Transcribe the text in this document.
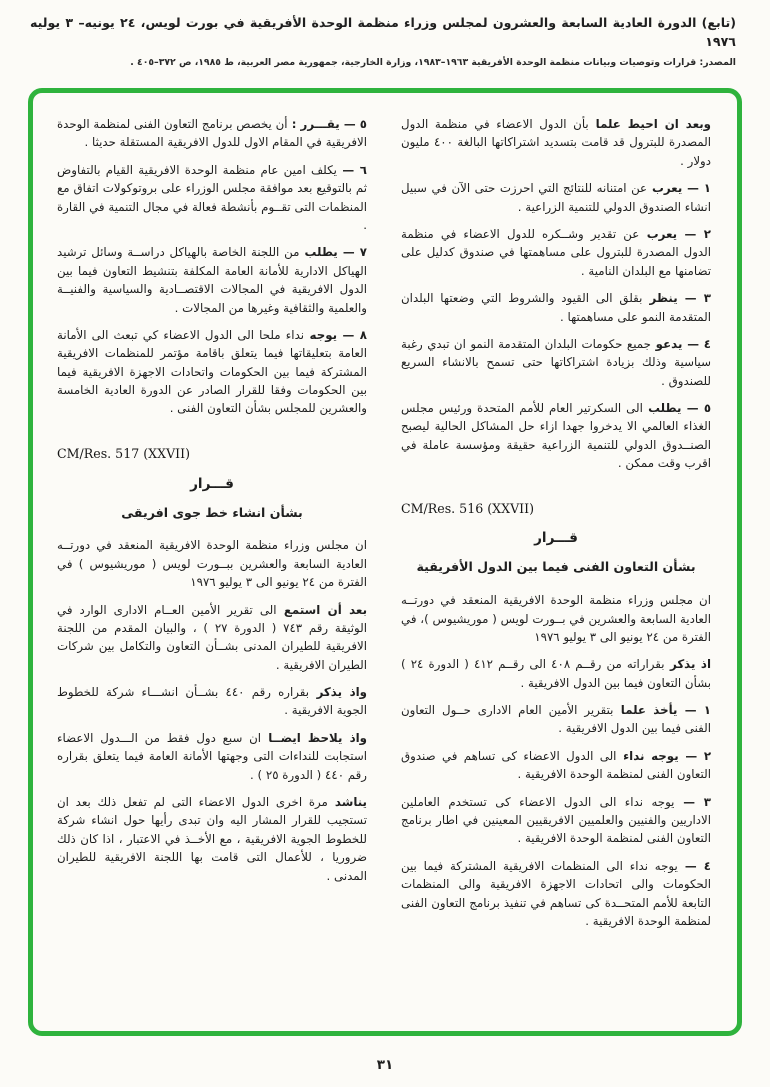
(تابع) الدورة العادية السابعة والعشرون لمجلس وزراء منظمة الوحدة الأفريقية في بورت لويس، ٢٤ يونيه– ٣ يوليه ١٩٧٦
المصدر: قرارات وتوصيات وبيانات منظمة الوحدة الأفريقية ١٩٦٣–١٩٨٣، وزارة الخارجية، جمهورية مصر العربية، ط ١٩٨٥، ص ٣٧٢–٤٠٥ .
وبعد ان احيط علما بأن الدول الاعضاء في منظمة الدول المصدرة للبترول قد قامت بتسديد اشتراكاتها البالغة ٤٠٠ مليون دولار .
١ — يعرب عن امتنانه للنتائج التي احرزت حتى الآن في سبيل انشاء الصندوق الدولي للتنمية الزراعية .
٢ — يعرب عن تقدير وشــكره للدول الاعضاء في منظمة الدول المصدرة للبترول على مساهمتها في صندوق كدليل على تضامنها مع البلدان النامية .
٣ — ينظر بقلق الى القيود والشروط التي وضعتها البلدان المتقدمة النمو على مساهمتها .
٤ — يدعو جميع حكومات البلدان المتقدمة النمو ان تبدي رغبة سياسية وذلك بزيادة اشتراكاتها حتى تسمح بالانشاء السريع للصندوق .
٥ — يطلب الى السكرتير العام للأمم المتحدة ورئيس مجلس الغذاء العالمي الا يدخروا جهدا ازاء حل المشاكل الحالية ليصبح الصنــدوق الدولي للتنمية الزراعية حقيقة ومؤسسة عاملة في اقرب وقت ممكن .
CM/Res. 516 (XXVII)
قـــرار
بشأن التعاون الفنى فيما بين الدول الأفريقية
ان مجلس وزراء منظمة الوحدة الافريقية المنعقد في دورتــه العادية السابعة والعشرين في بــورت لويس ( موريشيوس )، في الفترة من ٢٤ يونيو الى ٣ يوليو ١٩٧٦
اذ يذكر بقراراته من رقــم ٤٠٨ الى رقــم ٤١٢ ( الدورة ٢٤ ) بشأن التعاون فيما بين الدول الافريقية .
١ — يأخذ علما بتقرير الأمين العام الادارى حــول التعاون الفنى فيما بين الدول الافريقية .
٢ — يوجه نداء الى الدول الاعضاء كى تساهم في صندوق التعاون الفنى لمنظمة الوحدة الافريقية .
٣ — يوجه نداء الى الدول الاعضاء كى تستخدم العاملين الاداريين والفنيين والعلميين الافريقيين المعينين في اطار برنامج التعاون الفنى لمنظمة الوحدة الافريقية .
٤ — يوجه نداء الى المنظمات الافريقية المشتركة فيما بين الحكومات والى اتحادات الاجهزة الافريقية والى المنظمات التابعة للأمم المتحــدة كى تساهم في تنفيذ برنامج التعاون الفنى لمنظمة الوحدة الافريقية .
٥ — يقـــرر : أن يخصص برنامج التعاون الفنى لمنظمة الوحدة الافريقية في المقام الاول للدول الافريقية المستقلة حديثا .
٦ — يكلف امين عام منظمة الوحدة الافريقية القيام بالتفاوض ثم بالتوقيع بعد موافقة مجلس الوزراء على بروتوكولات اتفاق مع المنظمات التى تقــوم بأنشطة فعالة في مجال التنمية في القارة .
٧ — يطلب من اللجنة الخاصة بالهياكل دراســة وسائل ترشيد الهياكل الادارية للأمانة العامة المكلفة بتنشيط التعاون فيما بين الدول الافريقية في المجالات الاقتصــادية والسياسية والفنيــة والعلمية والثقافية وغيرها من المجالات .
٨ — يوجه نداء ملحا الى الدول الاعضاء كي تبعث الى الأمانة العامة بتعليقاتها فيما يتعلق باقامة مؤتمر للمنظمات الافريقية المشتركة فيما بين الحكومات واتحادات الاجهزة الافريقية فيما بين الحكومات وفقا للقرار الصادر عن الدورة العادية الخامسة والعشرين للمجلس بشأن التعاون الفنى .
CM/Res. 517 (XXVII)
قـــرار
بشأن انشاء خط جوى افريقى
ان مجلس وزراء منظمة الوحدة الافريقية المنعقد في دورتــه العادية السابعة والعشرين ببــورت لويس ( موريشيوس ) في الفترة من ٢٤ يونيو الى ٣ يوليو ١٩٧٦
بعد أن استمع الى تقرير الأمين العــام الادارى الوارد في الوثيقة رقم ٧٤٣ ( الدورة ٢٧ ) ، والبيان المقدم من اللجنة الافريقية للطيران المدنى بشــأن التعاون والتكامل بين شركات الطيران الافريقية .
واذ يذكر بقراره رقم ٤٤٠ بشــأن انشـــاء شركة للخطوط الجوية الافريقية .
واذ يلاحظ ايضــا ان سبع دول فقط من الـــدول الاعضاء استجابت للنداءات التى وجهتها الأمانة العامة فيما يتعلق بقراره رقم ٤٤٠ ( الدورة ٢٥ ) .
يناشد مرة اخرى الدول الاعضاء التى لم تفعل ذلك بعد ان تستجيب للقرار المشار اليه وان تبدى رأيها حول انشاء شركة للخطوط الجوية الافريقية ، مع الأخــذ في الاعتبار ، اذا كان ذلك ضروريا ، للأعمال التى قامت بها اللجنة الافريقية للطيران المدنى .
٣١
